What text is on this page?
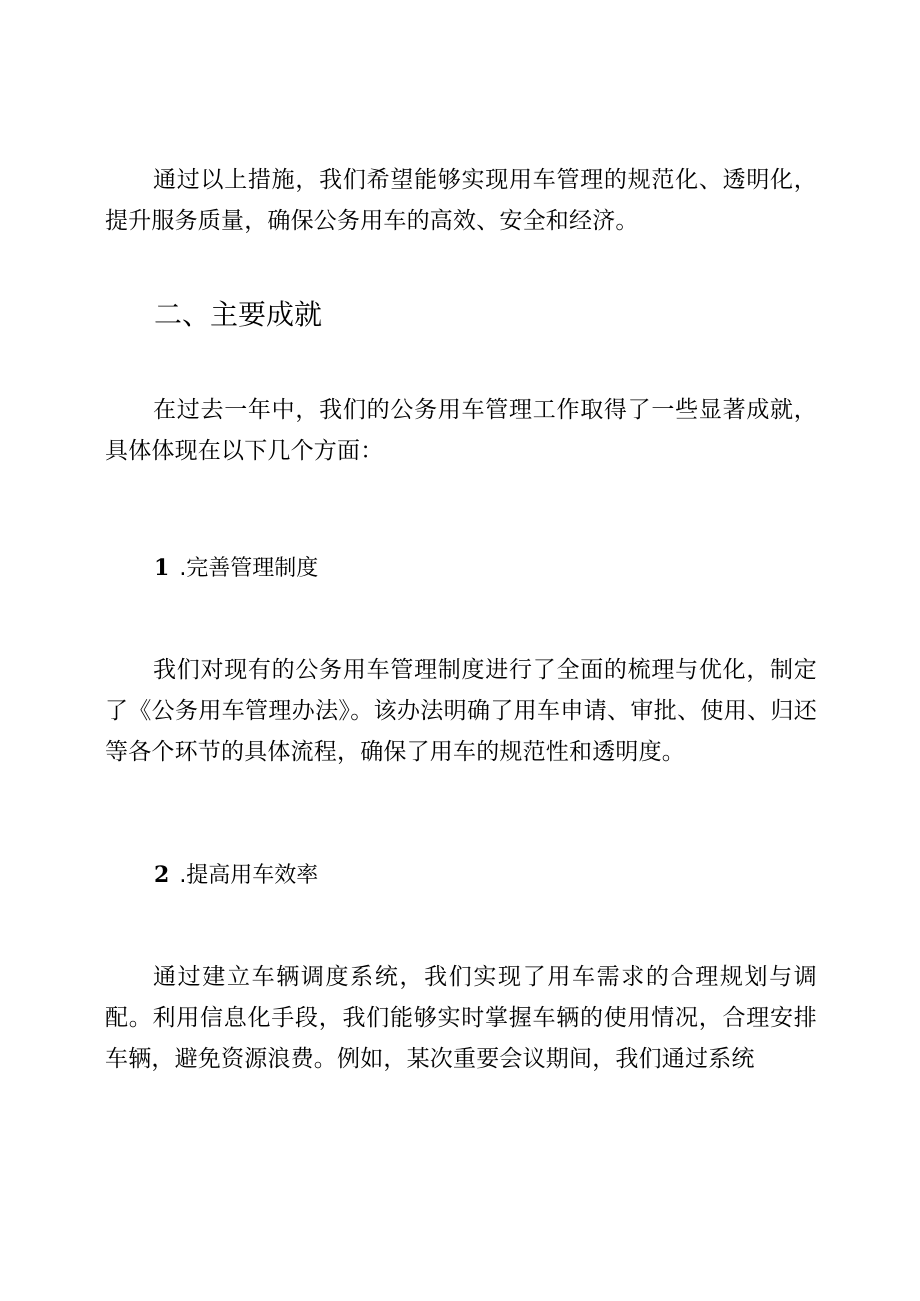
通过以上措施，我们希望能够实现用车管理的规范化、透明化，提升服务质量，确保公务用车的高效、安全和经济。

二、主要成就

在过去一年中，我们的公务用车管理工作取得了一些显著成就，具体体现在以下几个方面：

1 .完善管理制度

我们对现有的公务用车管理制度进行了全面的梳理与优化，制定了《公务用车管理办法》。该办法明确了用车申请、审批、使用、归还等各个环节的具体流程，确保了用车的规范性和透明度。

2 .提高用车效率

通过建立车辆调度系统，我们实现了用车需求的合理规划与调配。利用信息化手段，我们能够实时掌握车辆的使用情况，合理安排车辆，避免资源浪费。例如，某次重要会议期间，我们通过系统
